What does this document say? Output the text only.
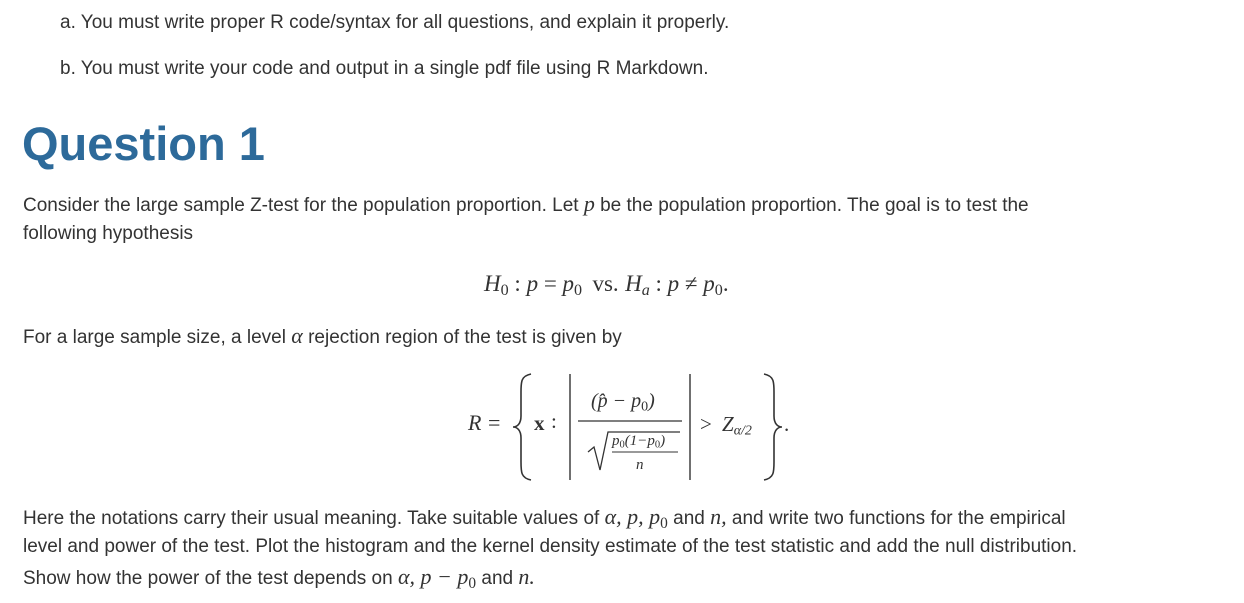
a. You must write proper R code/syntax for all questions, and explain it properly.
b. You must write your code and output in a single pdf file using R Markdown.
Question 1
Consider the large sample Z-test for the population proportion. Let p be the population proportion. The goal is to test the
following hypothesis
$H_0$ : $p = p_0$ vs. $H_a$ : $p \ne p_0$.
For a large sample size, a level α rejection region of the test is given by
R = x :
(p̂ − $p_0$)
$p_0(1-p_0)$
n
> $Z_{\alpha/2}$ .
Here the notations carry their usual meaning. Take suitable values of α, p, $p_0$ and n, and write two functions for the empirical
level and power of the test. Plot the histogram and the kernel density estimate of the test statistic and add the null distribution.
Show how the power of the test depends on α, $p - p_0$ and n.
